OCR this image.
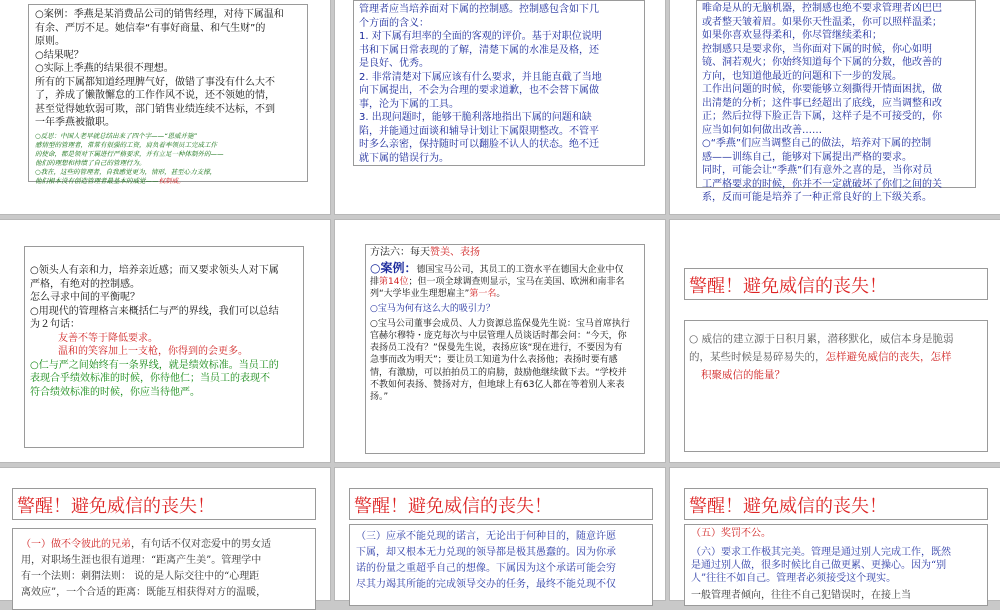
○案例：季燕是某消费品公司的销售经理，对待下属温和
有余、严厉不足。她信奉“有事好商量、和气生财”的
原则。
○结果呢？
○实际上季燕的结果很不理想。
所有的下属都知道经理脾气好，做错了事没有什么大不
了，养成了懒散懈怠的工作作风不说，还不领她的情，
甚至觉得她软弱可欺，部门销售业绩连续不达标，不到
一年季燕被撤职。
○反思：中国人老早就总结出来了四个字——“恩威并施”
感情型的管理者，常常有很强的工资，肩负着率领员工完成工作
的使命，都是领对下属进行严格要求，并有立足一种体制外的——
他们的理想和持绩了自己的管理行为。
○我在，这些的管理者，自我感觉更为，情形，甚至心力支撑，
他们根本没有创造管理者最基本的威觉——权制威。
管理者应当培养面对下属的控制感。控制感包含如下几
个方面的含义：
1. 对下属有坦率的全面的客观的评价。基于对职位说明
书和下属日常表现的了解，清楚下属的水准是及格，还
是良好、优秀。
2. 非常清楚对下属应该有什么要求，并且能直截了当地
向下属提出，不会为合理的要求道歉，也不会替下属做
事，沦为下属的工具。
3. 出现问题时，能够干脆利落地指出下属的问题和缺
陷，并能通过面谈和辅导计划让下属限期整改。不管平
时多么亲密，保持随时可以翻脸不认人的状态。绝不迁
就下属的错误行为。
唯命是从的无脑机器，控制感也绝不要求管理者凶巴巴
或者整天皱着眉。如果你天性温柔，你可以照样温柔；
如果你喜欢显得柔和，你尽管继续柔和；
控制感只是要求你，当你面对下属的时候，你心如明
镜、洞若观火；你始终知道每个下属的分数，他改善的
方向，也知道他最近的问题和下一步的发展。
工作出问题的时候，你要能够立刻撕得开情面困扰，做
出清楚的分析；这件事已经超出了底线，应当调整和改
正；然后拉得下脸正告下属，这样子是不可接受的，你
应当如何如何做出改善……
○“季燕”们应当调整自己的做法，培养对下属的控制
感——训练自己，能够对下属提出严格的要求。
同时，可能会让“季燕”们有意外之喜的是，当你对员
工严格要求的时候，你并不一定就破坏了你们之间的关
系，反而可能是培养了一种正常良好的上下级关系。
○领头人有亲和力，培养亲近感；而又要求领头人对下属
严格，有绝对的控制感。
怎么寻求中间的平衡呢？
○用现代的管理格言来概括仁与严的界线，我们可以总结
为２句话：
友善不等于降低要求。
温和的笑容加上一支枪，你得到的会更多。
○仁与严之间始终有一条界线，就是绩效标准。当员工的
表现合乎绩效标准的时候，你待他仁；当员工的表现不
符合绩效标准的时候，你应当待他严。
方法六：每天赞美、表扬
○案例：德国宝马公司，其员工的工资水平在德国大企业中仅
排第14位；但一项全球调查则显示，宝马在美国、欧洲和南非名
列“大学毕业生理想雇主”第一名。
○宝马为何有这么大的吸引力？
○宝马公司董事会成员、人力资源总监保曼先生说：宝马首席执行
官赫尔穆特・庞克每次与中层管理人员谈话时都会问：“今天，你
表扬员工没有？”保曼先生说，表扬应该“现在进行，不要因为有
急事而改为明天”；要让员工知道为什么表扬他；表扬时要有感
情，有激励，可以拍拍员工的肩膀，鼓励他继续做下去。“学校并
不教如何表扬、赞扬对方，但地球上有63亿人都在等着别人来表
扬。”
警醒！避免威信的丧失！
○ 威信的建立源于日积月累，潜移默化，威信本身是脆弱
的，某些时候是易碎易失的，怎样避免威信的丧失，怎样
积聚威信的能量？
警醒！避免威信的丧失！
（一）做不令彼此的兄弟，有句话不仅对恋爱中的男女适
用，对职场生涯也很有道理：“距离产生美”。管理学中
有一个法则：刺猬法则： 说的是人际交往中的“心理距
离效应”，一个合适的距离：既能互相获得对方的温暖，
警醒！避免威信的丧失！
（三）应承不能兑现的诺言，无论出于何种目的，随意许愿
下属，却又根本无力兑现的领导都是极其愚蠢的。因为你承
诺的份量之重超乎自己的想像。下属因为这个承诺可能会穷
尽其力竭其所能的完成领导交办的任务，最终不能兑现不仅
警醒！避免威信的丧失！
（五）奖罚不公。
（六）要求工作极其完美。管理是通过别人完成工作，既然
是通过别人做，很多时候比自己做更累、更操心。因为“别
人”往往不如自己。管理者必须接受这个现实。
一般管理者倾向，往往不自己犯错误时，在接上当
